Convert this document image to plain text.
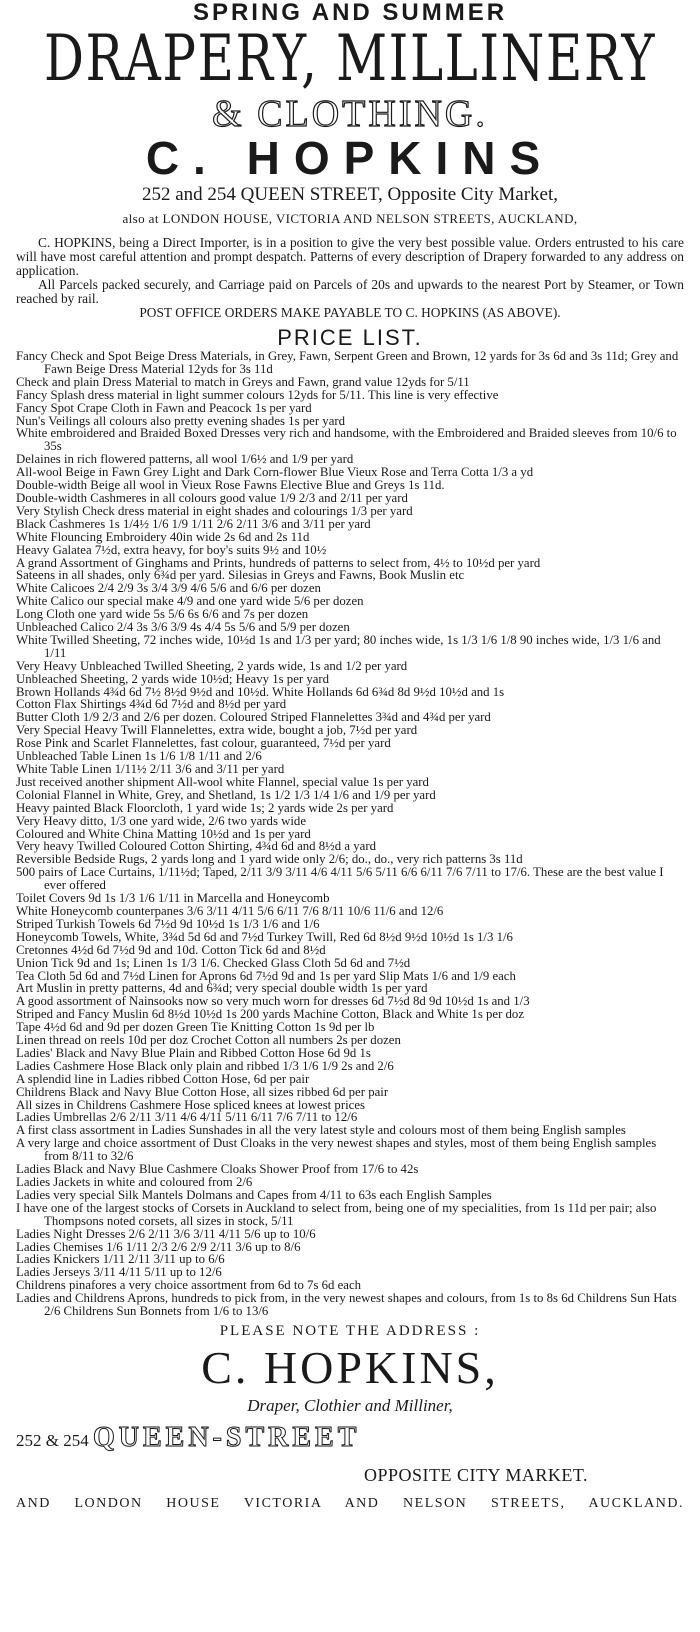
SPRING AND SUMMER
DRAPERY, MILLINERY
& CLOTHING.
C. HOPKINS
252 and 254 QUEEN STREET, Opposite City Market,
also at LONDON HOUSE, VICTORIA AND NELSON STREETS, AUCKLAND,

C. HOPKINS, being a Direct Importer, is in a position to give the very best possible value. Orders entrusted to his care will have most careful attention and prompt despatch. Patterns of every description of Drapery forwarded to any address on application.

All Parcels packed securely, and Carriage paid on Parcels of 20s and upwards to the nearest Port by Steamer, or Town reached by rail.

POST OFFICE ORDERS MAKE PAYABLE TO C. HOPKINS (AS ABOVE).

PRICE LIST.
Fancy Check and Spot Beige Dress Materials, in Grey, Fawn, Serpent Green and Brown, 12 yards for 3s 6d and 3s 11d; Grey and Fawn Beige Dress Material 12yds for 3s 11d
Check and plain Dress Material to match in Greys and Fawn, grand value 12yds for 5/11
Fancy Splash dress material in light summer colours 12yds for 5/11. This line is very effective
Fancy Spot Crape Cloth in Fawn and Peacock 1s per yard
Nun's Veilings all colours also pretty evening shades 1s per yard
White embroidered and Braided Boxed Dresses very rich and handsome, with the Embroidered and Braided sleeves from 10/6 to 35s
Delaines in rich flowered patterns, all wool 1/6½ and 1/9 per yard
All-wool Beige in Fawn Grey Light and Dark Corn-flower Blue Vieux Rose and Terra Cotta 1/3 a yd
Double-width Beige all wool in Vieux Rose Fawns Elective Blue and Greys 1s 11d.
Double-width Cashmeres in all colours good value 1/9 2/3 and 2/11 per yard
Very Stylish Check dress material in eight shades and colourings 1/3 per yard
Black Cashmeres 1s 1/4½ 1/6 1/9 1/11 2/6 2/11 3/6 and 3/11 per yard
White Flouncing Embroidery 40in wide 2s 6d and 2s 11d
Heavy Galatea 7½d, extra heavy, for boy's suits 9½ and 10½
A grand Assortment of Ginghams and Prints, hundreds of patterns to select from, 4½ to 10½d per yard
Sateens in all shades, only 6¾d per yard. Silesias in Greys and Fawns, Book Muslin etc
White Calicoes 2/4 2/9 3s 3/4 3/9 4/6 5/6 and 6/6 per dozen
White Calico our special make 4/9 and one yard wide 5/6 per dozen
Long Cloth one yard wide 5s 5/6 6s 6/6 and 7s per dozen
Unbleached Calico 2/4 3s 3/6 3/9 4s 4/4 5s 5/6 and 5/9 per dozen
White Twilled Sheeting, 72 inches wide, 10½d 1s and 1/3 per yard; 80 inches wide, 1s 1/3 1/6 1/8 90 inches wide, 1/3 1/6 and 1/11
Very Heavy Unbleached Twilled Sheeting, 2 yards wide, 1s and 1/2 per yard
Unbleached Sheeting, 2 yards wide 10½d; Heavy 1s per yard
Brown Hollands 4¾d 6d 7½ 8½d 9½d and 10½d. White Hollands 6d 6¾d 8d 9½d 10½d and 1s
Cotton Flax Shirtings 4¾d 6d 7½d and 8½d per yard
Butter Cloth 1/9 2/3 and 2/6 per dozen. Coloured Striped Flannelettes 3¾d and 4¾d per yard
Very Special Heavy Twill Flannelettes, extra wide, bought a job, 7½d per yard
Rose Pink and Scarlet Flannelettes, fast colour, guaranteed, 7½d per yard
Unbleached Table Linen 1s 1/6 1/8 1/11 and 2/6
White Table Linen 1/11½ 2/11 3/6 and 3/11 per yard
Just received another shipment All-wool white Flannel, special value 1s per yard
Colonial Flannel in White, Grey, and Shetland, 1s 1/2 1/3 1/4 1/6 and 1/9 per yard
Heavy painted Black Floorcloth, 1 yard wide 1s; 2 yards wide 2s per yard
Very Heavy ditto, 1/3 one yard wide, 2/6 two yards wide
Coloured and White China Matting 10½d and 1s per yard
Very heavy Twilled Coloured Cotton Shirting, 4¾d 6d and 8½d a yard
Reversible Bedside Rugs, 2 yards long and 1 yard wide only 2/6; do., do., very rich patterns 3s 11d
500 pairs of Lace Curtains, 1/11½d; Taped, 2/11 3/9 3/11 4/6 4/11 5/6 5/11 6/6 6/11 7/6 7/11 to 17/6. These are the best value I ever offered
Toilet Covers 9d 1s 1/3 1/6 1/11 in Marcella and Honeycomb
White Honeycomb counterpanes 3/6 3/11 4/11 5/6 6/11 7/6 8/11 10/6 11/6 and 12/6
Striped Turkish Towels 6d 7½d 9d 10½d 1s 1/3 1/6 and 1/6
Honeycomb Towels, White, 3¾d 5d 6d and 7½d Turkey Twill, Red 6d 8½d 9½d 10½d 1s 1/3 1/6
Cretonnes 4½d 6d 7½d 9d and 10d. Cotton Tick 6d and 8½d
Union Tick 9d and 1s; Linen 1s 1/3 1/6. Checked Glass Cloth 5d 6d and 7½d
Tea Cloth 5d 6d and 7½d Linen for Aprons 6d 7½d 9d and 1s per yard Slip Mats 1/6 and 1/9 each
Art Muslin in pretty patterns, 4d and 6¾d; very special double width 1s per yard
A good assortment of Nainsooks now so very much worn for dresses 6d 7½d 8d 9d 10½d 1s and 1/3
Striped and Fancy Muslin 6d 8½d 10½d 1s 200 yards Machine Cotton, Black and White 1s per doz
Tape 4½d 6d and 9d per dozen Green Tie Knitting Cotton 1s 9d per lb
Linen thread on reels 10d per doz Crochet Cotton all numbers 2s per dozen
Ladies' Black and Navy Blue Plain and Ribbed Cotton Hose 6d 9d 1s
Ladies Cashmere Hose Black only plain and ribbed 1/3 1/6 1/9 2s and 2/6
A splendid line in Ladies ribbed Cotton Hose, 6d per pair
Childrens Black and Navy Blue Cotton Hose, all sizes ribbed 6d per pair
All sizes in Childrens Cashmere Hose spliced knees at lowest prices
Ladies Umbrellas 2/6 2/11 3/11 4/6 4/11 5/11 6/11 7/6 7/11 to 12/6
A first class assortment in Ladies Sunshades in all the very latest style and colours most of them being English samples
A very large and choice assortment of Dust Cloaks in the very newest shapes and styles, most of them being English samples from 8/11 to 32/6
Ladies Black and Navy Blue Cashmere Cloaks Shower Proof from 17/6 to 42s
Ladies Jackets in white and coloured from 2/6
Ladies very special Silk Mantels Dolmans and Capes from 4/11 to 63s each English Samples
I have one of the largest stocks of Corsets in Auckland to select from, being one of my specialities, from 1s 11d per pair; also Thompsons noted corsets, all sizes in stock, 5/11
Ladies Night Dresses 2/6 2/11 3/6 3/11 4/11 5/6 up to 10/6
Ladies Chemises 1/6 1/11 2/3 2/6 2/9 2/11 3/6 up to 8/6
Ladies Knickers 1/11 2/11 3/11 up to 6/6
Ladies Jerseys 3/11 4/11 5/11 up to 12/6
Childrens pinafores a very choice assortment from 6d to 7s 6d each
Ladies and Childrens Aprons, hundreds to pick from, in the very newest shapes and colours, from 1s to 8s 6d Childrens Sun Hats 2/6 Childrens Sun Bonnets from 1/6 to 13/6
PLEASE NOTE THE ADDRESS :
C. HOPKINS,
Draper, Clothier and Milliner,
252 & 254 QUEEN-STREET
OPPOSITE CITY MARKET.
AND LONDON HOUSE VICTORIA AND NELSON STREETS, AUCKLAND.
